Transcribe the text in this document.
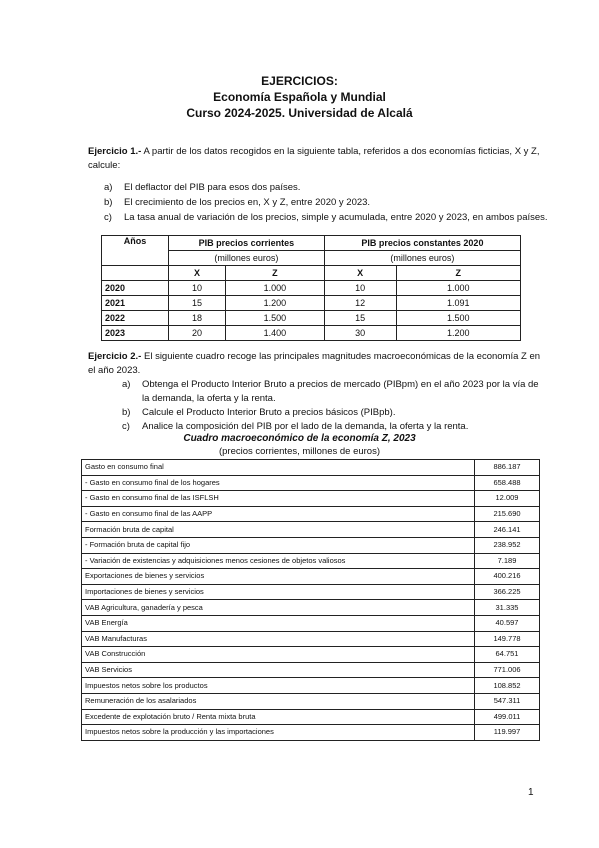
EJERCICIOS:
Economía Española y Mundial
Curso 2024-2025. Universidad de Alcalá
Ejercicio 1.- A partir de los datos recogidos en la siguiente tabla, referidos a dos economías ficticias, X y Z,
calcule:
a) El deflactor del PIB para esos dos países.
b) El crecimiento de los precios en, X y Z, entre 2020 y 2023.
c) La tasa anual de variación de los precios, simple y acumulada, entre 2020 y 2023, en ambos países.
Años	PIB precios corrientes		PIB precios constantes 2020	
	(millones euros)		(millones euros)	
	X	Z	X	Z
2020	10	1.000	10	1.000
2021	15	1.200	12	1.091
2022	18	1.500	15	1.500
2023	20	1.400	30	1.200
Ejercicio 2.- El siguiente cuadro recoge las principales magnitudes macroeconómicas de la economía Z en
el año 2023.
a) Obtenga el Producto Interior Bruto a precios de mercado (PIBpm) en el año 2023 por la vía de
la demanda, la oferta y la renta.
b) Calcule el Producto Interior Bruto a precios básicos (PIBpb).
c) Analice la composición del PIB por el lado de la demanda, la oferta y la renta.
Cuadro macroeconómico de la economía Z, 2023
(precios corrientes, millones de euros)
Gasto en consumo final	886.187
- Gasto en consumo final de los hogares	658.488
- Gasto en consumo final de las ISFLSH	12.009
- Gasto en consumo final de las AAPP	215.690
Formación bruta de capital	246.141
- Formación bruta de capital fijo	238.952
- Variación de existencias y adquisiciones menos cesiones de objetos valiosos	7.189
Exportaciones de bienes y servicios	400.216
Importaciones de bienes y servicios	366.225
VAB Agricultura, ganadería y pesca	31.335
VAB Energía	40.597
VAB Manufacturas	149.778
VAB Construcción	64.751
VAB Servicios	771.006
Impuestos netos sobre los productos	108.852
Remuneración de los asalariados	547.311
Excedente de explotación bruto / Renta mixta bruta	499.011
Impuestos netos sobre la producción y las importaciones	119.997
1
